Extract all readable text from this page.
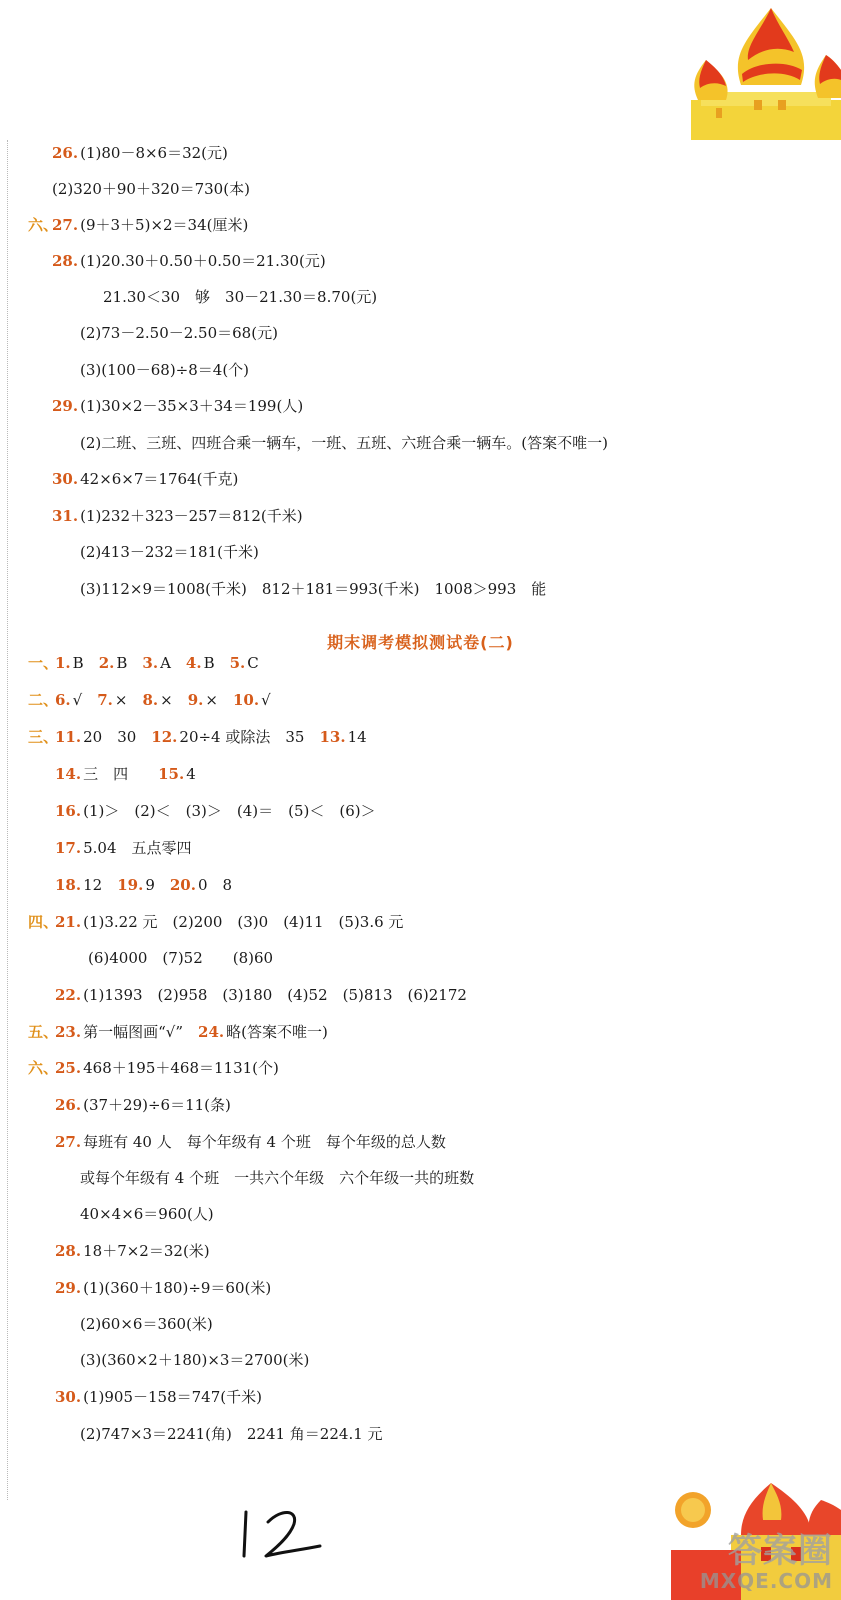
26. (1)80－8×6＝32(元)
(2)320＋90＋320＝730(本)
六、
27. (9＋3＋5)×2＝34(厘米)
28. (1)20.30＋0.50＋0.50＝21.30(元)
21.30＜30　够　30－21.30＝8.70(元)
(2)73－2.50－2.50＝68(元)
(3)(100－68)÷8＝4(个)
29. (1)30×2－35×3＋34＝199(人)
(2)二班、三班、四班合乘一辆车，一班、五班、六班合乘一辆车。(答案不唯一)
30. 42×6×7＝1764(千克)
31. (1)232＋323－257＝812(千米)
(2)413－232＝181(千米)
(3)112×9＝1008(千米)　812＋181＝993(千米)　1008＞993　能
期末调考模拟测试卷(二)
一、
1. B　2. B　3. A　4. B　5. C
二、
6. √　7. ×　8. ×　9. ×　10. √
三、
11. 20　30　12. 20÷4 或除法　35　13. 14
14. 三　四　　15. 4
16. (1)＞　(2)＜　(3)＞　(4)＝　(5)＜　(6)＞
17. 5.04　五点零四
18. 12　19. 9　20. 0　8
四、
21. (1)3.22 元　(2)200　(3)0　(4)11　(5)3.6 元
(6)4000　(7)52　　(8)60
22. (1)1393　(2)958　(3)180　(4)52　(5)813　(6)2172
五、
23. 第一幅图画“√”　24. 略(答案不唯一)
六、
25. 468＋195＋468＝1131(个)
26. (37＋29)÷6＝11(条)
27. 每班有 40 人　每个年级有 4 个班　每个年级的总人数
或每个年级有 4 个班　一共六个年级　六个年级一共的班数
40×4×6＝960(人)
28. 18＋7×2＝32(米)
29. (1)(360＋180)÷9＝60(米)
(2)60×6＝360(米)
(3)(360×2＋180)×3＝2700(米)
30. (1)905－158＝747(千米)
(2)747×3＝2241(角)　2241 角＝224.1 元
答案圈
MXQE.COM
